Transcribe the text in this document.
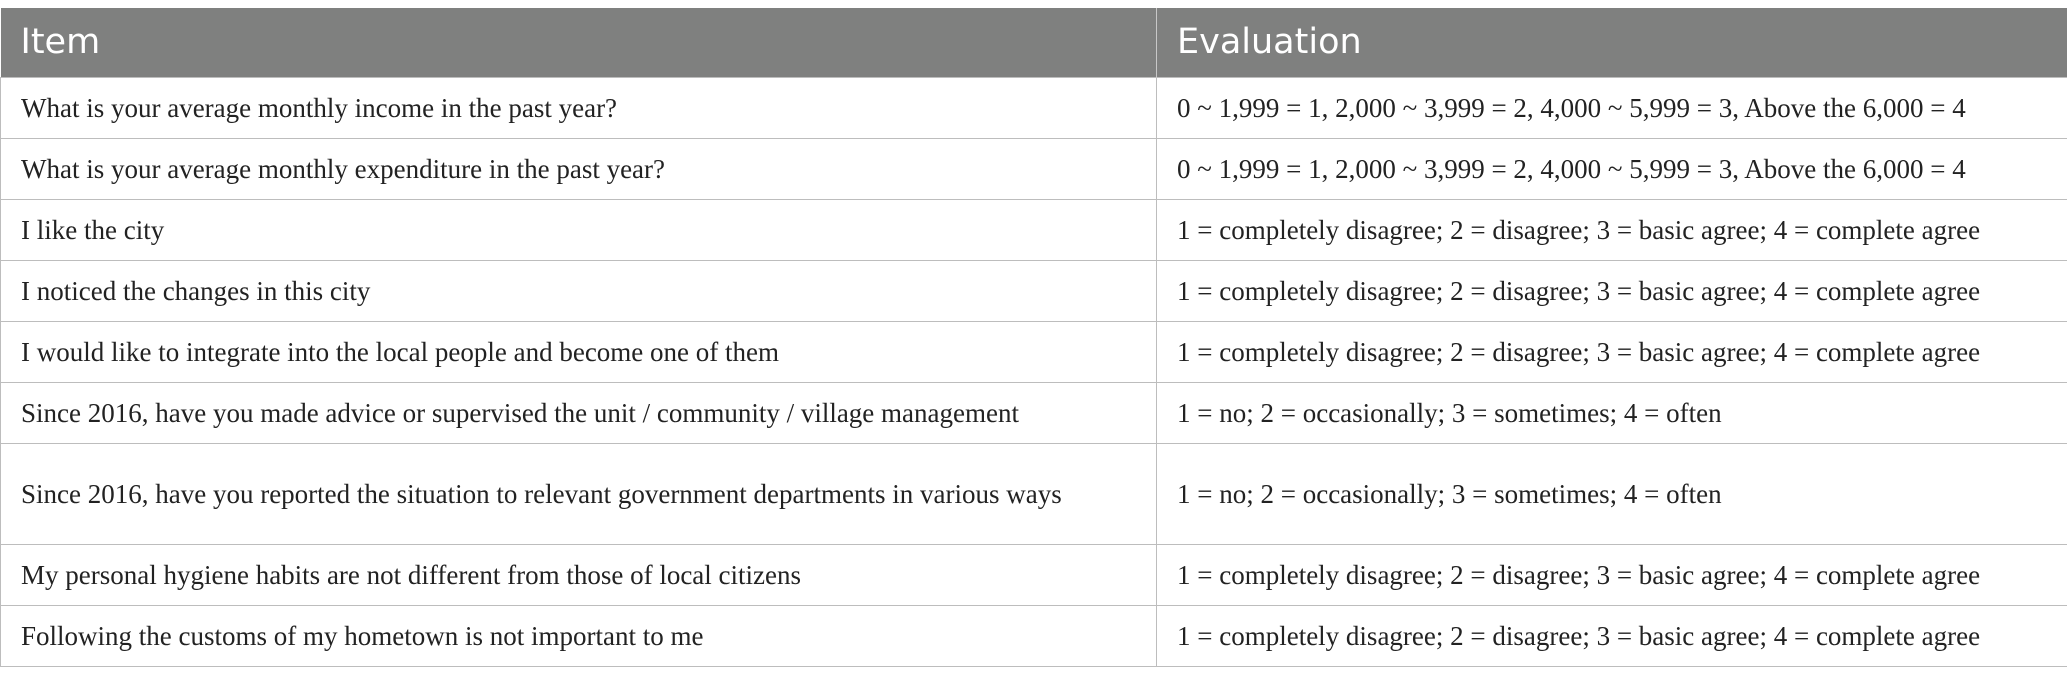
Item	Evaluation
What is your average monthly income in the past year?	0 ~ 1,999 = 1, 2,000 ~ 3,999 = 2, 4,000 ~ 5,999 = 3, Above the 6,000 = 4
What is your average monthly expenditure in the past year?	0 ~ 1,999 = 1, 2,000 ~ 3,999 = 2, 4,000 ~ 5,999 = 3, Above the 6,000 = 4
I like the city	1 = completely disagree; 2 = disagree; 3 = basic agree; 4 = complete agree
I noticed the changes in this city	1 = completely disagree; 2 = disagree; 3 = basic agree; 4 = complete agree
I would like to integrate into the local people and become one of them	1 = completely disagree; 2 = disagree; 3 = basic agree; 4 = complete agree
Since 2016, have you made advice or supervised the unit / community / village management	1 = no; 2 = occasionally; 3 = sometimes; 4 = often
Since 2016, have you reported the situation to relevant government departments in various ways	1 = no; 2 = occasionally; 3 = sometimes; 4 = often
My personal hygiene habits are not different from those of local citizens	1 = completely disagree; 2 = disagree; 3 = basic agree; 4 = complete agree
Following the customs of my hometown is not important to me	1 = completely disagree; 2 = disagree; 3 = basic agree; 4 = complete agree
